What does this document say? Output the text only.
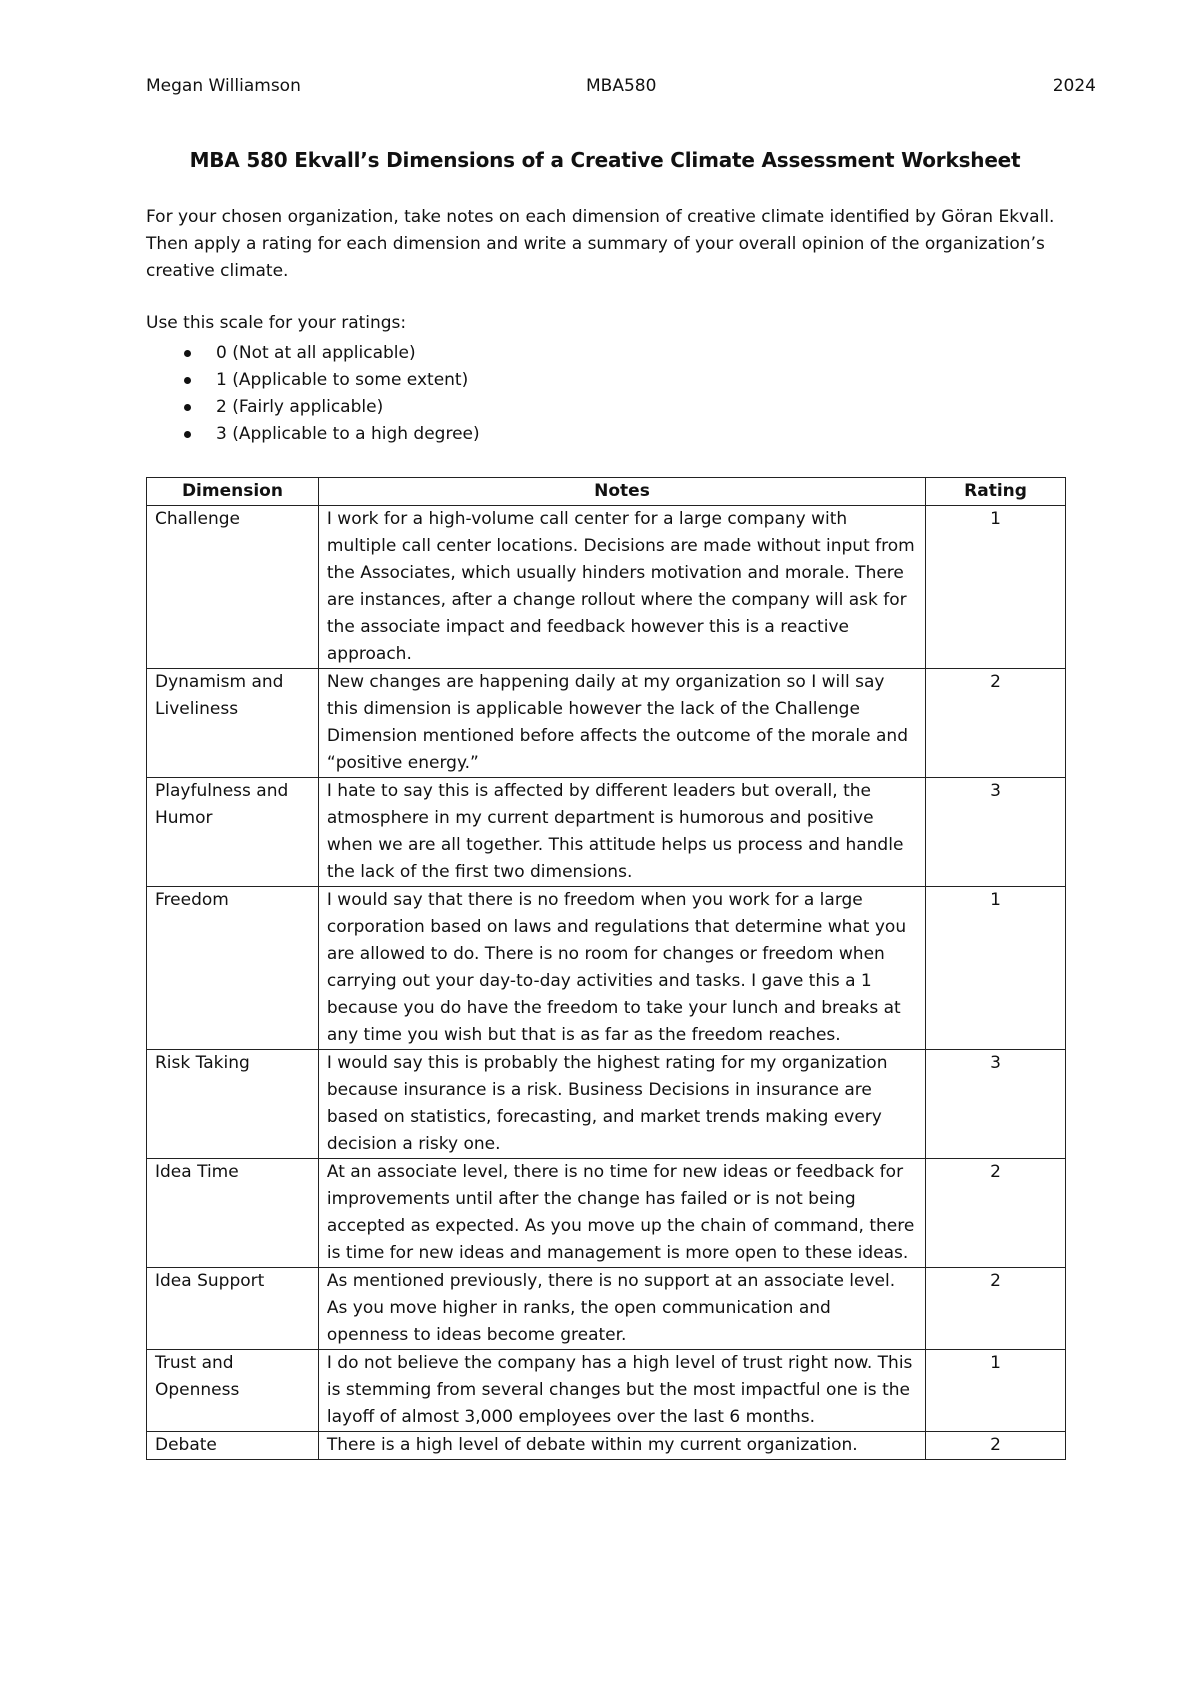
Megan Williamson	MBA580	2024
MBA 580 Ekvall’s Dimensions of a Creative Climate Assessment Worksheet
For your chosen organization, take notes on each dimension of creative climate identified by Göran Ekvall. Then apply a rating for each dimension and write a summary of your overall opinion of the organization’s creative climate.
Use this scale for your ratings:
0 (Not at all applicable)
1 (Applicable to some extent)
2 (Fairly applicable)
3 (Applicable to a high degree)
Dimension	Notes	Rating
Challenge	I work for a high-volume call center for a large company with multiple call center locations. Decisions are made without input from the Associates, which usually hinders motivation and morale. There are instances, after a change rollout where the company will ask for the associate impact and feedback however this is a reactive approach.	1
Dynamism and Liveliness	New changes are happening daily at my organization so I will say this dimension is applicable however the lack of the Challenge Dimension mentioned before affects the outcome of the morale and “positive energy.”	2
Playfulness and Humor	I hate to say this is affected by different leaders but overall, the atmosphere in my current department is humorous and positive when we are all together. This attitude helps us process and handle the lack of the first two dimensions.	3
Freedom	I would say that there is no freedom when you work for a large corporation based on laws and regulations that determine what you are allowed to do. There is no room for changes or freedom when carrying out your day-to-day activities and tasks. I gave this a 1 because you do have the freedom to take your lunch and breaks at any time you wish but that is as far as the freedom reaches.	1
Risk Taking	I would say this is probably the highest rating for my organization because insurance is a risk. Business Decisions in insurance are based on statistics, forecasting, and market trends making every decision a risky one.	3
Idea Time	At an associate level, there is no time for new ideas or feedback for improvements until after the change has failed or is not being accepted as expected. As you move up the chain of command, there is time for new ideas and management is more open to these ideas.	2
Idea Support	As mentioned previously, there is no support at an associate level. As you move higher in ranks, the open communication and openness to ideas become greater.	2
Trust and Openness	I do not believe the company has a high level of trust right now. This is stemming from several changes but the most impactful one is the layoff of almost 3,000 employees over the last 6 months.	1
Debate	There is a high level of debate within my current organization.	2
